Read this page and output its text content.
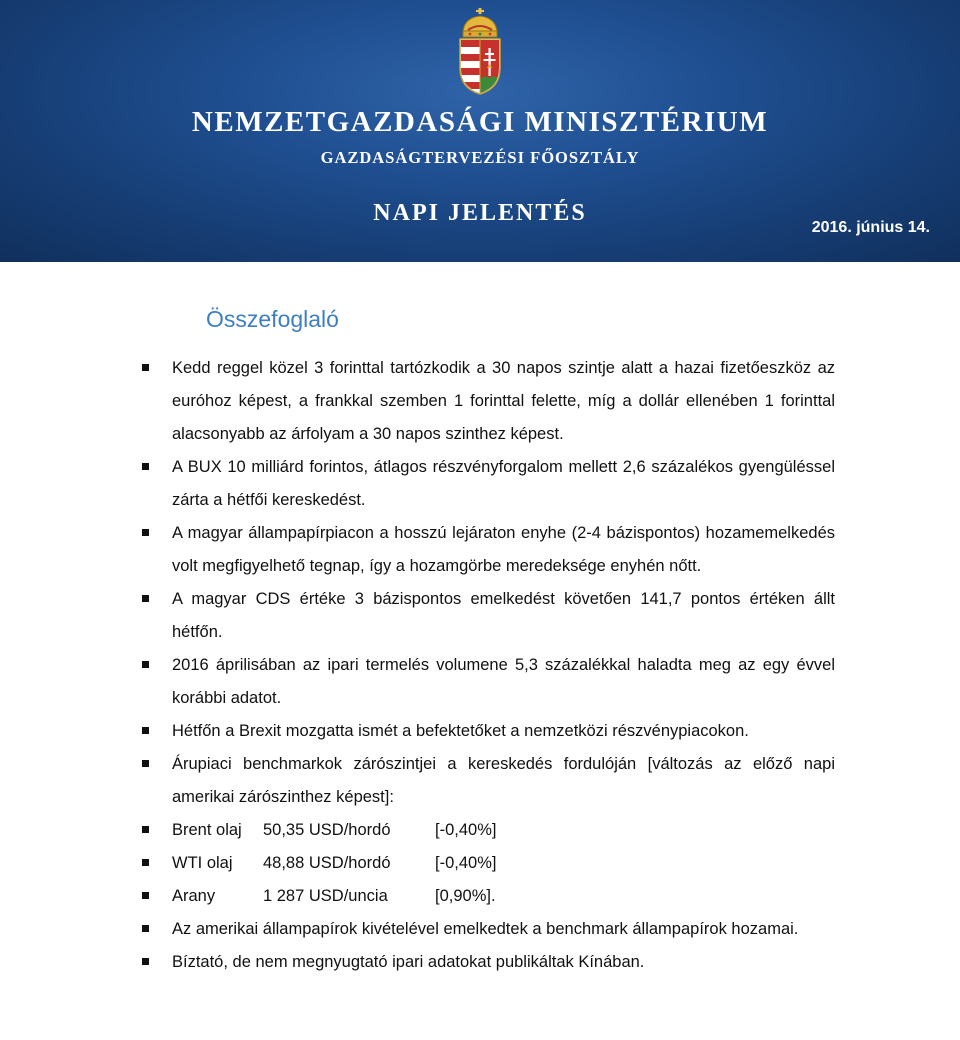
NEMZETGAZDASÁGI MINISZTÉRIUM
GAZDASÁGTERVEZÉSI FŐOSZTÁLY
NAPI JELENTÉS
2016. június 14.
Összefoglaló
Kedd reggel közel 3 forinttal tartózkodik a 30 napos szintje alatt a hazai fizetőeszköz az euróhoz képest, a frankkal szemben 1 forinttal felette, míg a dollár ellenében 1 forinttal alacsonyabb az árfolyam a 30 napos szinthez képest.
A BUX 10 milliárd forintos, átlagos részvényforgalom mellett 2,6 százalékos gyengüléssel zárta a hétfői kereskedést.
A magyar állampapírpiacon a hosszú lejáraton enyhe (2-4 bázispontos) hozamemelkedés volt megfigyelhető tegnap, így a hozamgörbe meredeksége enyhén nőtt.
A magyar CDS értéke 3 bázispontos emelkedést követően 141,7 pontos értéken állt hétfőn.
2016 áprilisában az ipari termelés volumene 5,3 százalékkal haladta meg az egy évvel korábbi adatot.
Hétfőn a Brexit mozgatta ismét a befektetőket a nemzetközi részvénypiacokon.
Árupiaci benchmarkok zárószintjei a kereskedés fordulóján [változás az előző napi amerikai zárószinthez képest]:
Brent olaj	50,35 USD/hordó	[-0,40%]
WTI olaj	48,88 USD/hordó	[-0,40%]
Arany	1 287 USD/uncia	[0,90%].
Az amerikai állampapírok kivételével emelkedtek a benchmark állampapírok hozamai.
Bíztató, de nem megnyugtató ipari adatokat publikáltak Kínában.
